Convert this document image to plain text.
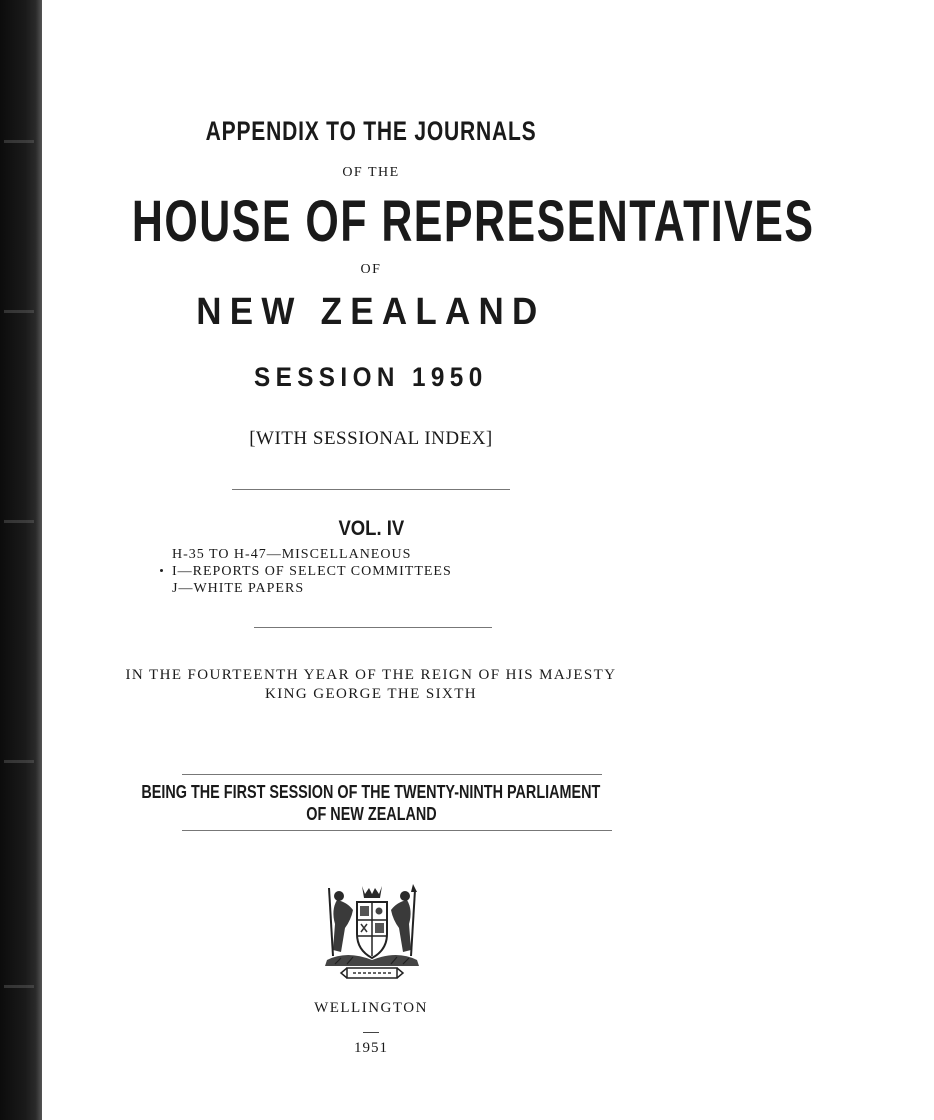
APPENDIX TO THE JOURNALS
OF THE
HOUSE OF REPRESENTATIVES
OF
NEW ZEALAND
SESSION 1950
[WITH SESSIONAL INDEX]
VOL. IV
H-35 TO H-47—MISCELLANEOUS
I—REPORTS OF SELECT COMMITTEES
J—WHITE PAPERS
IN THE FOURTEENTH YEAR OF THE REIGN OF HIS MAJESTY
KING GEORGE THE SIXTH
BEING THE FIRST SESSION OF THE TWENTY-NINTH PARLIAMENT
OF NEW ZEALAND
WELLINGTON
1951
